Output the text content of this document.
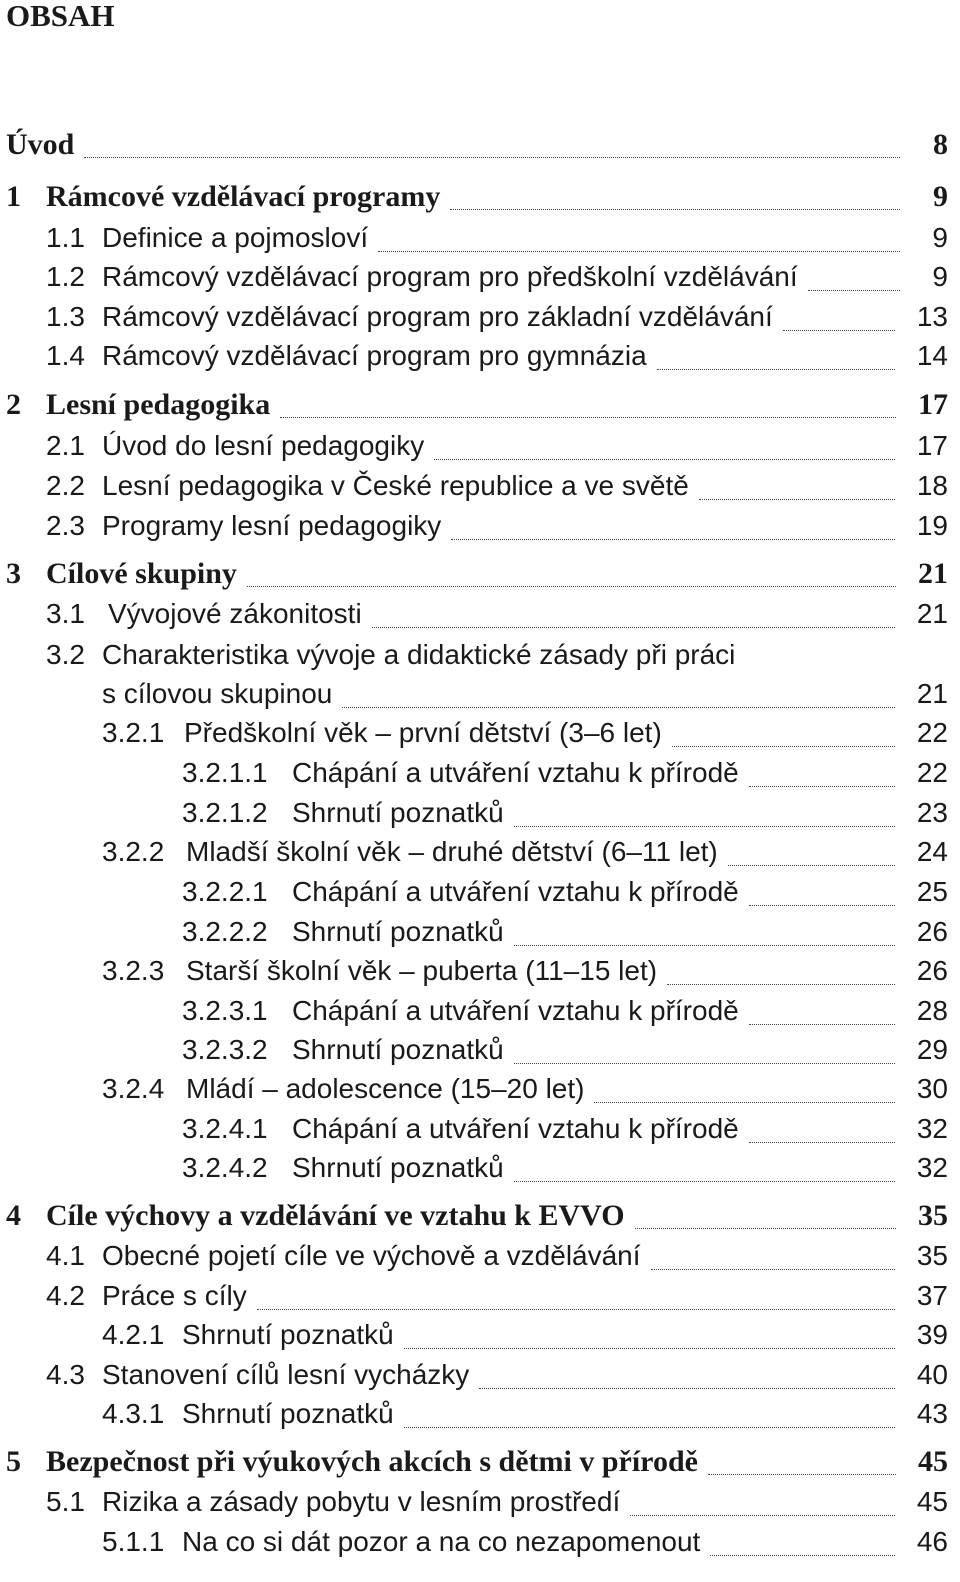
OBSAH
Úvod	8
1 Rámcové vzdělávací programy	9
1.1 Definice a pojmosloví	9
1.2 Rámcový vzdělávací program pro předškolní vzdělávání	9
1.3 Rámcový vzdělávací program pro základní vzdělávání	13
1.4 Rámcový vzdělávací program pro gymnázia	14
2 Lesní pedagogika	17
2.1 Úvod do lesní pedagogiky	17
2.2 Lesní pedagogika v České republice a ve světě	18
2.3 Programy lesní pedagogiky	19
3 Cílové skupiny	21
3.1 Vývojové zákonitosti	21
3.2 Charakteristika vývoje a didaktické zásady při práci
s cílovou skupinou	21
3.2.1 Předškolní věk – první dětství (3–6 let)	22
3.2.1.1 Chápání a utváření vztahu k přírodě	22
3.2.1.2 Shrnutí poznatků	23
3.2.2 Mladší školní věk – druhé dětství (6–11 let)	24
3.2.2.1 Chápání a utváření vztahu k přírodě	25
3.2.2.2 Shrnutí poznatků	26
3.2.3 Starší školní věk – puberta (11–15 let)	26
3.2.3.1 Chápání a utváření vztahu k přírodě	28
3.2.3.2 Shrnutí poznatků	29
3.2.4 Mládí – adolescence (15–20 let)	30
3.2.4.1 Chápání a utváření vztahu k přírodě	32
3.2.4.2 Shrnutí poznatků	32
4 Cíle výchovy a vzdělávání ve vztahu k EVVO	35
4.1 Obecné pojetí cíle ve výchově a vzdělávání	35
4.2 Práce s cíly	37
4.2.1 Shrnutí poznatků	39
4.3 Stanovení cílů lesní vycházky	40
4.3.1 Shrnutí poznatků	43
5 Bezpečnost při výukových akcích s dětmi v přírodě	45
5.1 Rizika a zásady pobytu v lesním prostředí	45
5.1.1 Na co si dát pozor a na co nezapomenout	46
